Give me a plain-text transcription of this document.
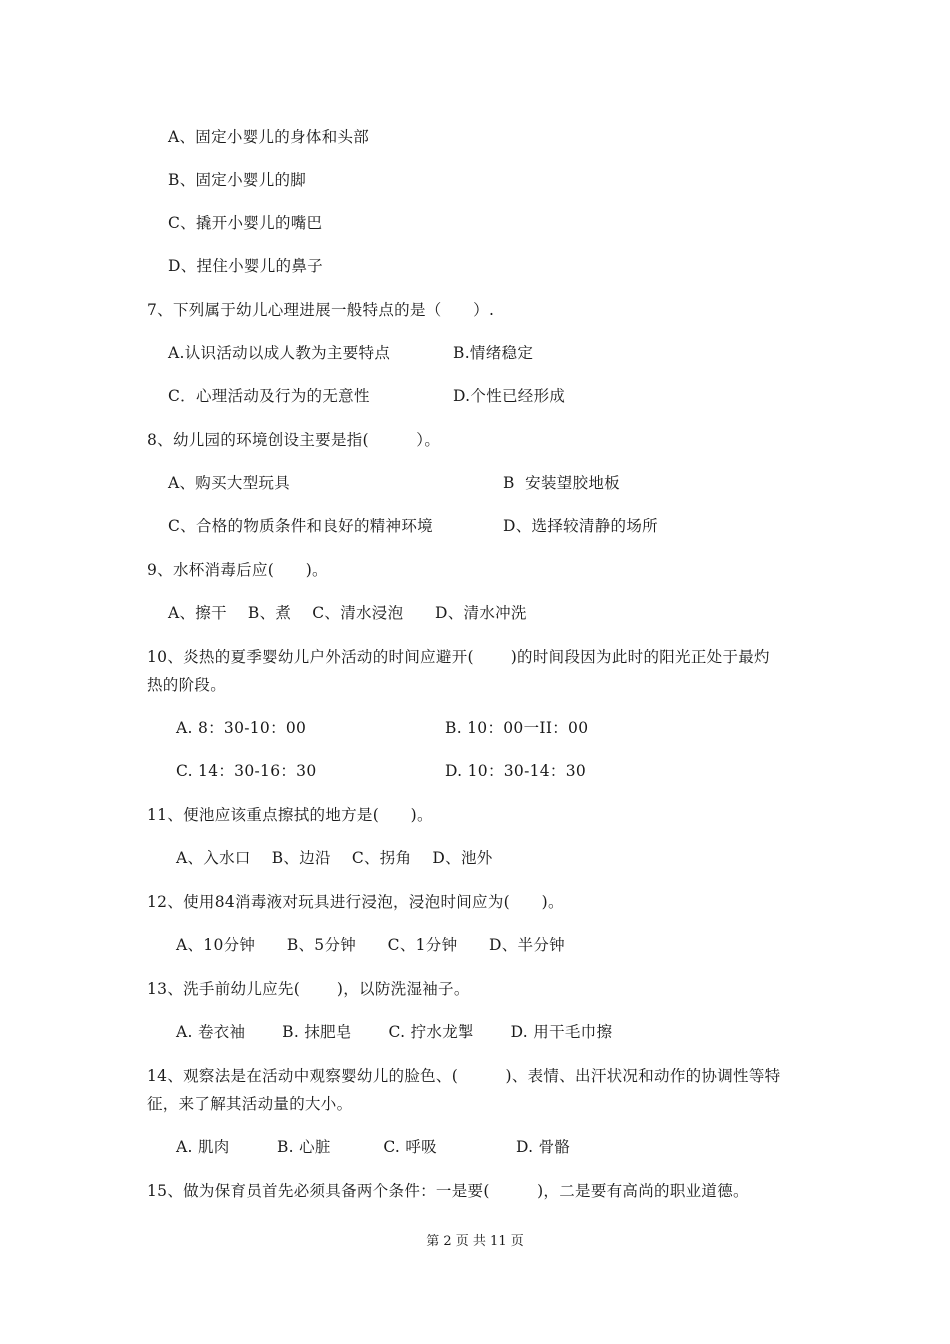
A、固定小婴儿的身体和头部
B、固定小婴儿的脚
C、撬开小婴儿的嘴巴
D、捏住小婴儿的鼻子
7、下列属于幼儿心理进展一般特点的是（　　）.
A.认识活动以成人教为主要特点	B.情绪稳定
C．心理活动及行为的无意性	D.个性已经形成
8、幼儿园的环境创设主要是指(　　　）。
A、购买大型玩具	B  安装望胶地板
C、合格的物质条件和良好的精神环境	D、选择较清静的场所
9、水杯消毒后应(　　)。
A、擦干　 B、煮　 C、清水浸泡　　D、清水冲洗
10、炎热的夏季婴幼儿户外活动的时间应避开(　　 )的时间段因为此时的阳光正处于最灼
热的阶段。
A. 8：30-10：00	B. 10：00一II：00
C. 14：30-16：30	D. 10：30-14：30
11、便池应该重点擦拭的地方是(　　)。
A、入水口　 B、边沿　 C、拐角　 D、池外
12、使用84消毒液对玩具进行浸泡，浸泡时间应为(　　)。
A、10分钟　　B、5分钟　　C、1分钟　　D、半分钟
13、洗手前幼儿应先(　　 )，以防洗湿袖子。
A. 卷衣袖　　 B. 抹肥皂　　 C. 拧水龙掣　　 D. 用干毛巾擦
14、观察法是在活动中观察婴幼儿的脸色、(　　　)、表情、出汗状况和动作的协调性等特
征，来了解其活动量的大小。
A. 肌肉　　　B. 心脏　　　 C. 呼吸　　　　　D. 骨骼
15、做为保育员首先必须具备两个条件：一是要(　　　)，二是要有高尚的职业道德。
第 2 页 共 11 页
